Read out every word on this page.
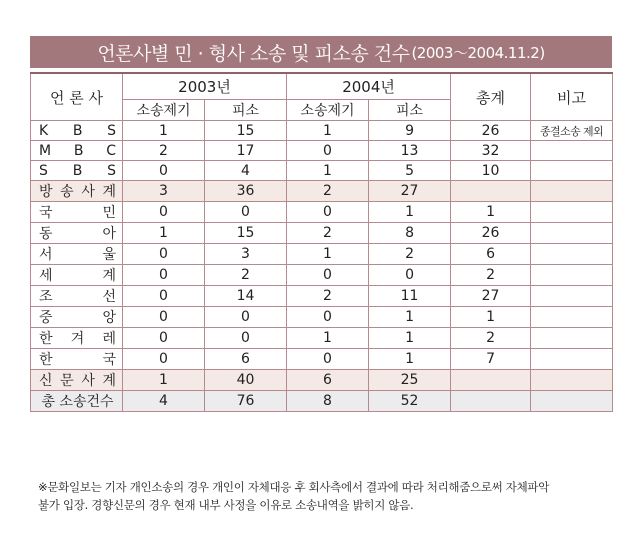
언론사별 민 · 형사 소송 및 피소송 건수 (2003～2004.11.2)
언 론 사	2003년		2004년		총계	비고
	소송제기	피소	소송제기	피소		

K B S	1	15	1	9	26	종결소송 제외

M B C	2	17	0	13	32	

S B S	0	4	1	5	10	

방 송 사 계	3	36	2	27		

국 민	0	0	0	1	1	

동 아	1	15	2	8	26	

서 울	0	3	1	2	6	

세 계	0	2	0	0	2	

조 선	0	14	2	11	27	

중 앙	0	0	0	1	1	

한 겨 레	0	0	1	1	2	

한 국	0	6	0	1	7	

신 문 사 계	1	40	6	25		

총 소송건수	4	76	8	52		
※문화일보는 기자 개인소송의 경우 개인이 자체대응 후 회사측에서 결과에 따라 처리해줌으로써 자체파악
불가 입장. 경향신문의 경우 현재 내부 사정을 이유로 소송내역을 밝히지 않음.
